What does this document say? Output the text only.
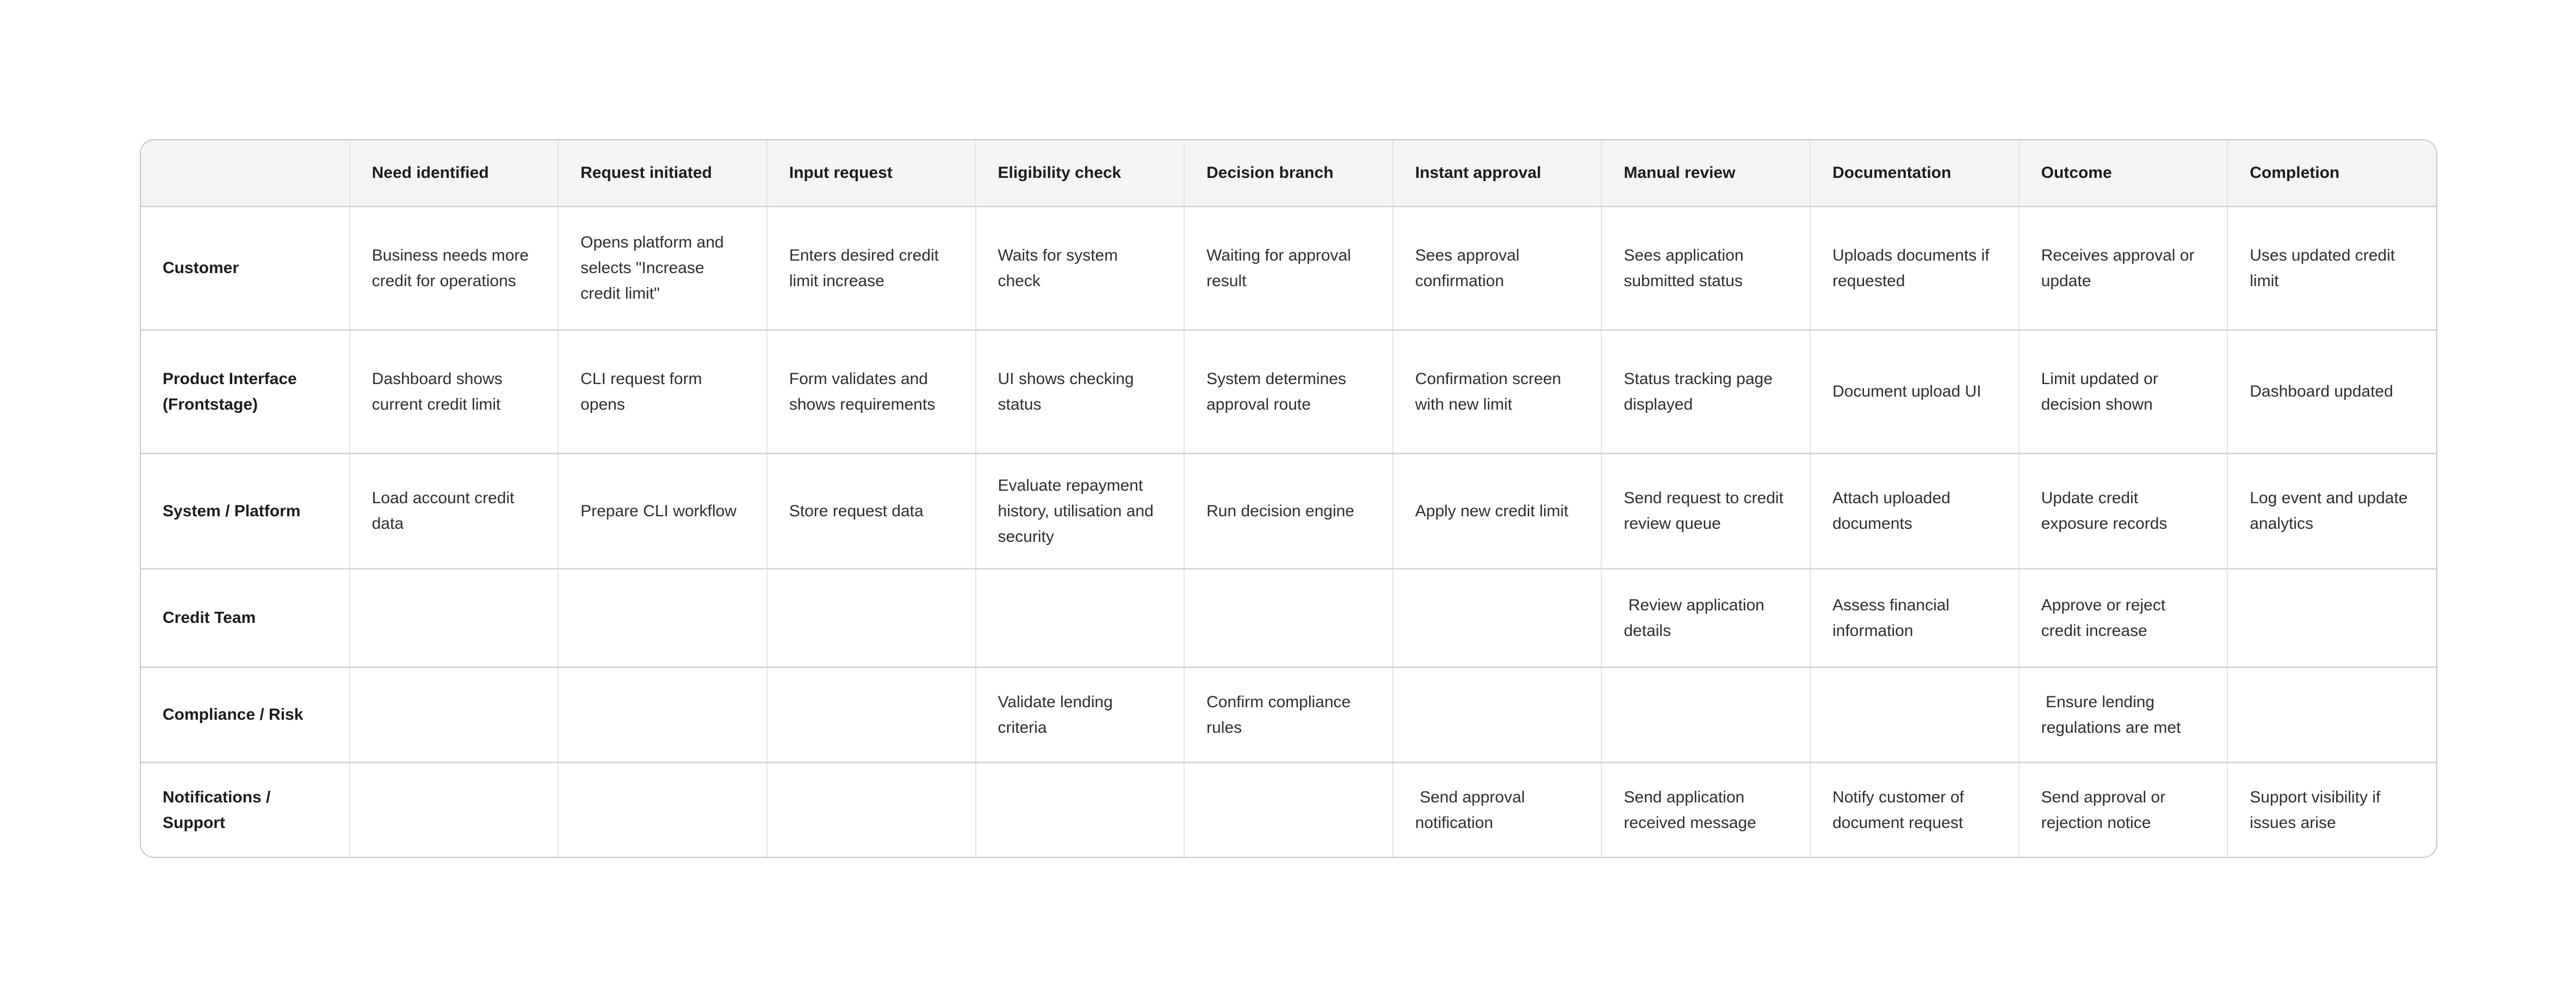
	Need identified	Request initiated	Input request	Eligibility check	Decision branch	Instant approval	Manual review	Documentation	Outcome	Completion
Customer	Business needs more credit for operations	Opens platform and selects "Increase credit limit"	Enters desired credit limit increase	Waits for system check	Waiting for approval result	Sees approval confirmation	Sees application submitted status	Uploads documents if requested	Receives approval or update	Uses updated credit limit
Product Interface (Frontstage)	Dashboard shows current credit limit	CLI request form opens	Form validates and shows requirements	UI shows checking status	System determines approval route	Confirmation screen with new limit	Status tracking page displayed	Document upload UI	Limit updated or decision shown	Dashboard updated
System / Platform	Load account credit data	Prepare CLI workflow	Store request data	Evaluate repayment history, utilisation and security	Run decision engine	Apply new credit limit	Send request to credit review queue	Attach uploaded documents	Update credit exposure records	Log event and update analytics
Credit Team							Review application details	Assess financial information	Approve or reject credit increase	
Compliance / Risk				Validate lending criteria	Confirm compliance rules				Ensure lending regulations are met	
Notifications / Support						Send approval notification	Send application received message	Notify customer of document request	Send approval or rejection notice	Support visibility if issues arise
